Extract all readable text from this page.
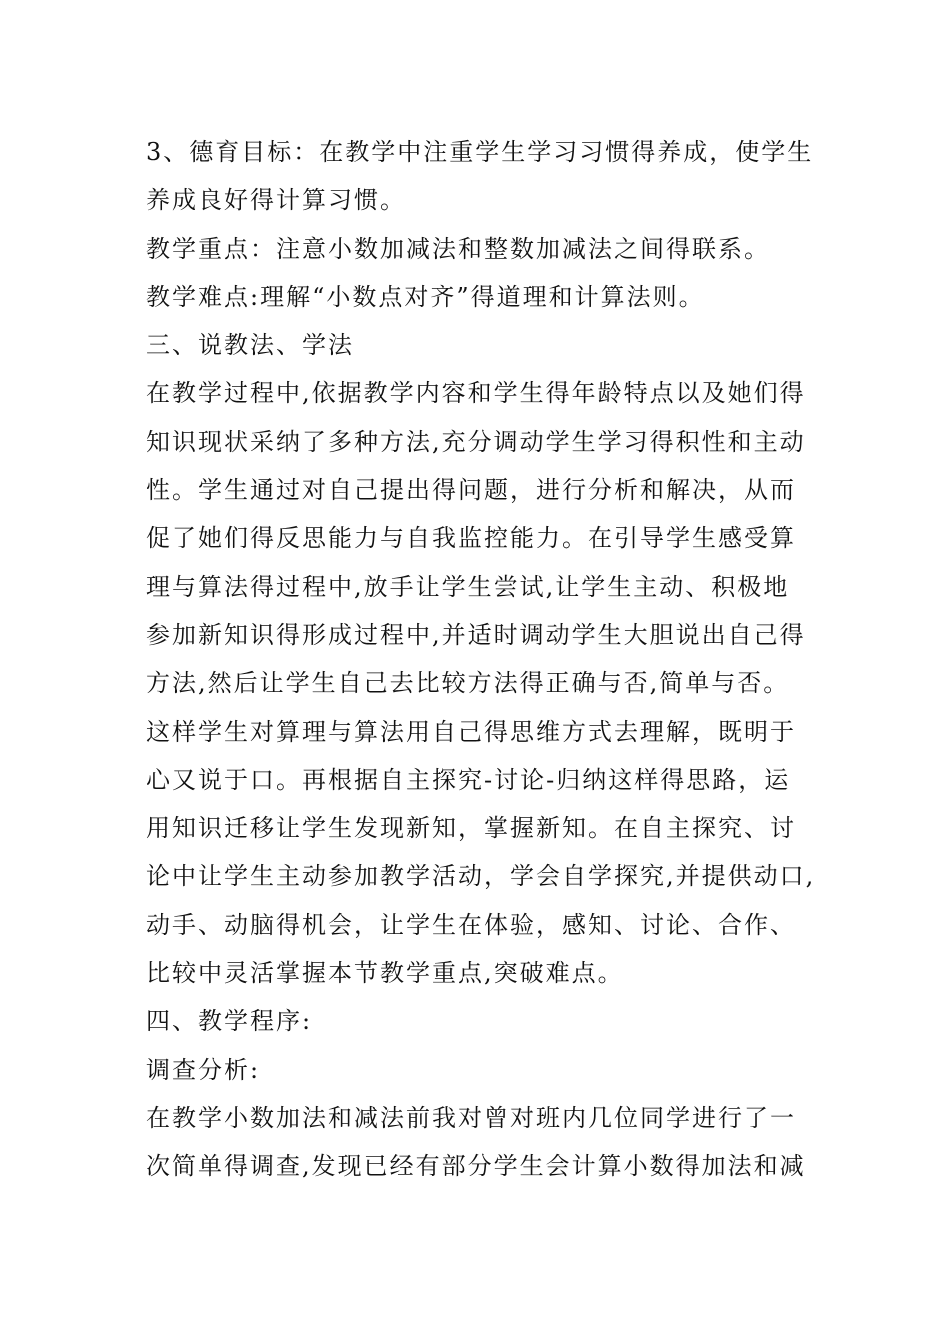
3、德育目标：在教学中注重学生学习习惯得养成，使学生
养成良好得计算习惯。
教学重点：注意小数加减法和整数加减法之间得联系。
教学难点:理解“小数点对齐”得道理和计算法则。
三、说教法、学法
在教学过程中,依据教学内容和学生得年龄特点以及她们得
知识现状采纳了多种方法,充分调动学生学习得积性和主动
性。学生通过对自己提出得问题，进行分析和解决，从而
促了她们得反思能力与自我监控能力。在引导学生感受算
理与算法得过程中,放手让学生尝试,让学生主动、积极地
参加新知识得形成过程中,并适时调动学生大胆说出自己得
方法,然后让学生自己去比较方法得正确与否,简单与否。
这样学生对算理与算法用自己得思维方式去理解，既明于
心又说于口。再根据自主探究-讨论-归纳这样得思路，运
用知识迁移让学生发现新知，掌握新知。在自主探究、讨
论中让学生主动参加教学活动，学会自学探究,并提供动口,
动手、动脑得机会，让学生在体验，感知、讨论、合作、
比较中灵活掌握本节教学重点,突破难点。
四、教学程序:
调查分析:
在教学小数加法和减法前我对曾对班内几位同学进行了一
次简单得调查,发现已经有部分学生会计算小数得加法和减
